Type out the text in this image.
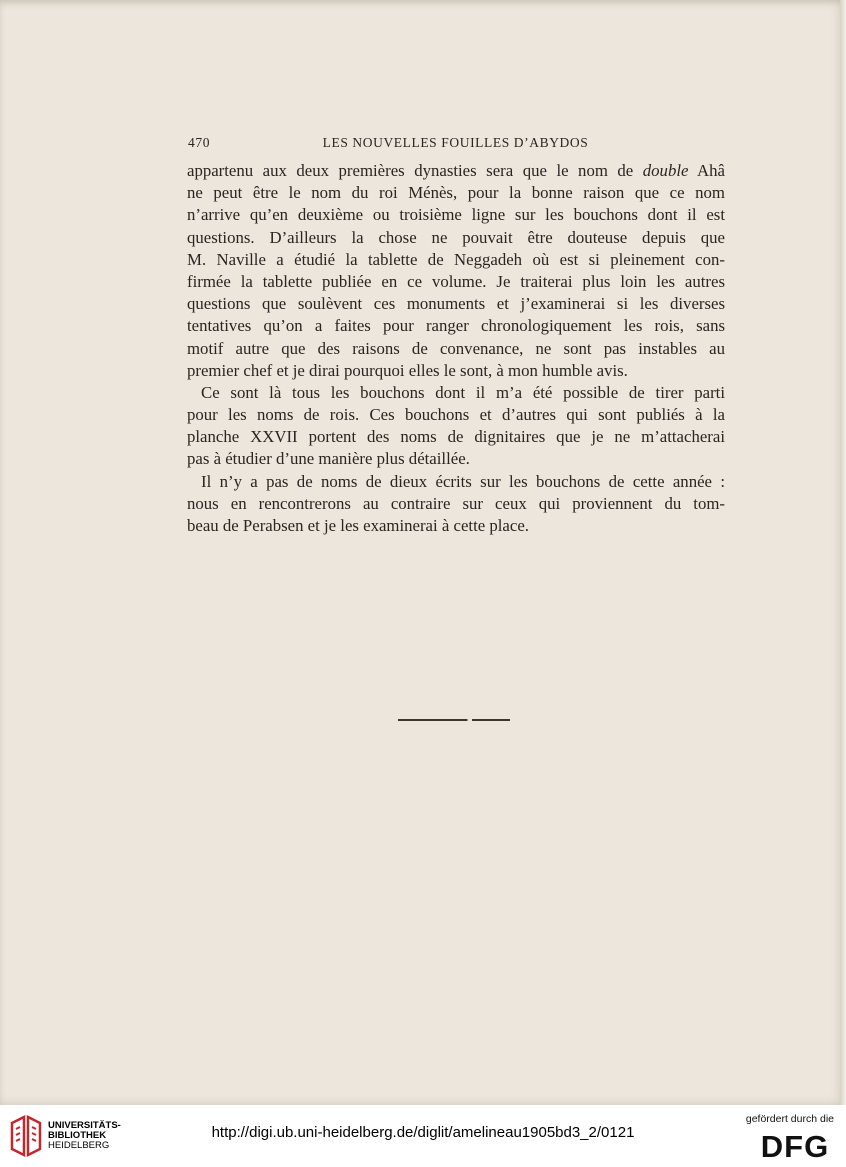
470	LES NOUVELLES FOUILLES D’ABYDOS
appartenu aux deux premières dynasties sera que le nom de double Ahâ
ne peut être le nom du roi Ménès, pour la bonne raison que ce nom
n’arrive qu’en deuxième ou troisième ligne sur les bouchons dont il est
questions. D’ailleurs la chose ne pouvait être douteuse depuis que
M. Naville a étudié la tablette de Neggadeh où est si pleinement con-
firmée la tablette publiée en ce volume. Je traiterai plus loin les autres
questions que soulèvent ces monuments et j’examinerai si les diverses
tentatives qu’on a faites pour ranger chronologiquement les rois, sans
motif autre que des raisons de convenance, ne sont pas instables au
premier chef et je dirai pourquoi elles le sont, à mon humble avis.
Ce sont là tous les bouchons dont il m’a été possible de tirer parti
pour les noms de rois. Ces bouchons et d’autres qui sont publiés à la
planche XXVII portent des noms de dignitaires que je ne m’attacherai
pas à étudier d’une manière plus détaillée.
Il n’y a pas de noms de dieux écrits sur les bouchons de cette année :
nous en rencontrerons au contraire sur ceux qui proviennent du tom-
beau de Perabsen et je les examinerai à cette place.
UNIVERSITÄTS-
BIBLIOTHEK
HEIDELBERG
http://digi.ub.uni-heidelberg.de/diglit/amelineau1905bd3_2/0121
gefördert durch die
DFG
